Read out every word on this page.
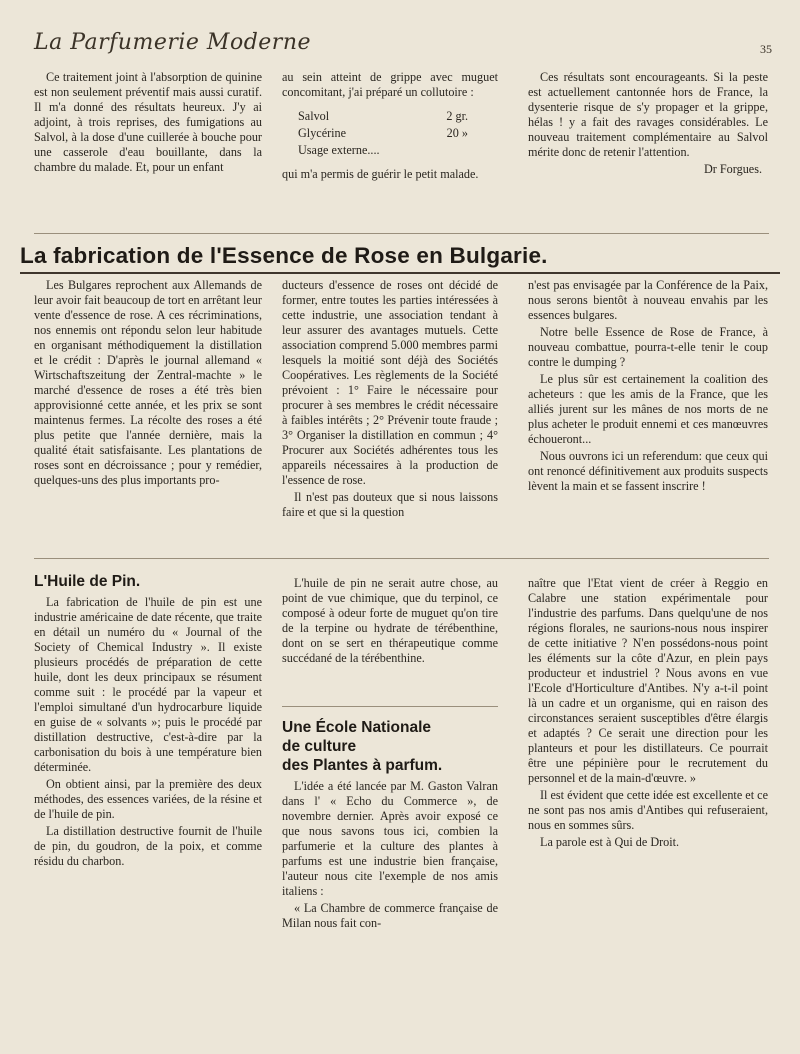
La Parfumerie Moderne	35

Ce traitement joint à l'absorption de quinine est non seulement préventif mais aussi curatif. Il m'a donné des résultats heureux. J'y ai adjoint, à trois reprises, des fumigations au Salvol, à la dose d'une cuillerée à bouche pour une casserole d'eau bouillante, dans la chambre du malade. Et, pour un enfant

au sein atteint de grippe avec muguet concomitant, j'ai préparé un collutoire :

Salvol	2 gr.
Glycérine	20 »
Usage externe....

qui m'a permis de guérir le petit malade.

Ces résultats sont encourageants. Si la peste est actuellement cantonnée hors de France, la dysenterie risque de s'y propager et la grippe, hélas ! y a fait des ravages considérables. Le nouveau traitement complémentaire au Salvol mérite donc de retenir l'attention.

Dr Forgues.
La fabrication de l'Essence de Rose en Bulgarie.

Les Bulgares reprochent aux Allemands de leur avoir fait beaucoup de tort en arrêtant leur vente d'essence de rose. A ces récriminations, nos ennemis ont répondu selon leur habitude en organisant méthodiquement la distillation et le crédit : D'après le journal allemand « Wirtschaftszeitung der Zentral-machte » le marché d'essence de roses a été très bien approvisionné cette année, et les prix se sont maintenus fermes. La récolte des roses a été plus petite que l'année dernière, mais la qualité était satisfaisante. Les plantations de roses sont en décroissance ; pour y remédier, quelques-uns des plus importants pro-

ducteurs d'essence de roses ont décidé de former, entre toutes les parties intéressées à cette industrie, une association tendant à leur assurer des avantages mutuels. Cette association comprend 5.000 membres parmi lesquels la moitié sont déjà des Sociétés Coopératives. Les règlements de la Société prévoient : 1° Faire le nécessaire pour procurer à ses membres le crédit nécessaire à faibles intérêts ; 2° Prévenir toute fraude ; 3° Organiser la distillation en commun ; 4° Procurer aux Sociétés adhérentes tous les appareils nécessaires à la production de l'essence de rose.

Il n'est pas douteux que si nous laissons faire et que si la question

n'est pas envisagée par la Conférence de la Paix, nous serons bientôt à nouveau envahis par les essences bulgares.

Notre belle Essence de Rose de France, à nouveau combattue, pourra-t-elle tenir le coup contre le dumping ?

Le plus sûr est certainement la coalition des acheteurs : que les amis de la France, que les alliés jurent sur les mânes de nos morts de ne plus acheter le produit ennemi et ces manœuvres échoueront...

Nous ouvrons ici un referendum: que ceux qui ont renoncé définitivement aux produits suspects lèvent la main et se fassent inscrire !

L'Huile de Pin.

La fabrication de l'huile de pin est une industrie américaine de date récente, que traite en détail un numéro du « Journal of the Society of Chemical Industry ». Il existe plusieurs procédés de préparation de cette huile, dont les deux principaux se résument comme suit : le procédé par la vapeur et l'emploi simultané d'un hydrocarbure liquide en guise de « solvants »; puis le procédé par distillation destructive, c'est-à-dire par la carbonisation du bois à une température bien déterminée.

On obtient ainsi, par la première des deux méthodes, des essences variées, de la résine et de l'huile de pin.

La distillation destructive fournit de l'huile de pin, du goudron, de la poix, et comme résidu du charbon.

L'huile de pin ne serait autre chose, au point de vue chimique, que du terpinol, ce composé à odeur forte de muguet qu'on tire de la terpine ou hydrate de térébenthine, dont on se sert en thérapeutique comme succédané de la térébenthine.

Une École Nationale
de culture
des Plantes à parfum.

L'idée a été lancée par M. Gaston Valran dans l' « Echo du Commerce », de novembre dernier. Après avoir exposé ce que nous savons tous ici, combien la parfumerie et la culture des plantes à parfums est une industrie bien française, l'auteur nous cite l'exemple de nos amis italiens :

« La Chambre de commerce française de Milan nous fait con-

naître que l'Etat vient de créer à Reggio en Calabre une station expérimentale pour l'industrie des parfums. Dans quelqu'une de nos régions florales, ne saurions-nous nous inspirer de cette initiative ? N'en possédons-nous point les éléments sur la côte d'Azur, en plein pays producteur et industriel ? Nous avons en vue l'Ecole d'Horticulture d'Antibes. N'y a-t-il point là un cadre et un organisme, qui en raison des circonstances seraient susceptibles d'être élargis et adaptés ? Ce serait une direction pour les planteurs et pour les distillateurs. Ce pourrait être une pépinière pour le recrutement du personnel et de la main-d'œuvre. »

Il est évident que cette idée est excellente et ce ne sont pas nos amis d'Antibes qui refuseraient, nous en sommes sûrs.

La parole est à Qui de Droit.
